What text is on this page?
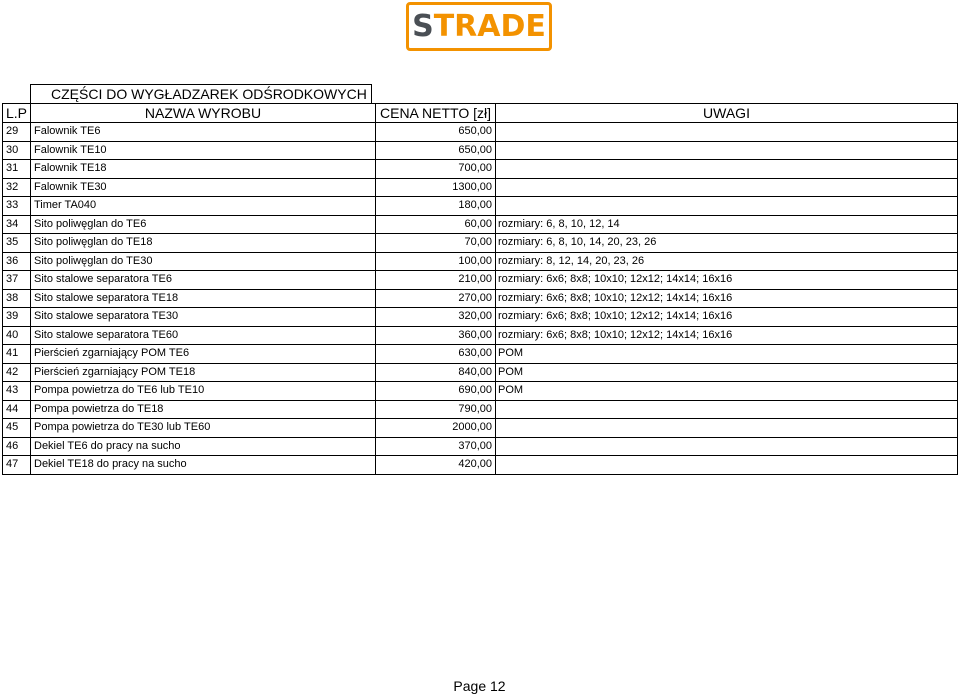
STRADE
CZĘŚCI DO WYGŁADZAREK ODŚRODKOWYCH
L.P	NAZWA WYROBU	CENA NETTO [zł]	UWAGI
29	Falownik TE6	650,00	
30	Falownik TE10	650,00	
31	Falownik TE18	700,00	
32	Falownik TE30	1300,00	
33	Timer TA040	180,00	
34	Sito poliwęglan do TE6	60,00	rozmiary: 6, 8, 10, 12, 14
35	Sito poliwęglan do TE18	70,00	rozmiary: 6, 8, 10, 14, 20, 23, 26
36	Sito poliwęglan do TE30	100,00	rozmiary: 8, 12, 14, 20, 23, 26
37	Sito stalowe separatora TE6	210,00	rozmiary: 6x6; 8x8; 10x10; 12x12; 14x14; 16x16
38	Sito stalowe separatora TE18	270,00	rozmiary: 6x6; 8x8; 10x10; 12x12; 14x14; 16x16
39	Sito stalowe separatora TE30	320,00	rozmiary: 6x6; 8x8; 10x10; 12x12; 14x14; 16x16
40	Sito stalowe separatora TE60	360,00	rozmiary: 6x6; 8x8; 10x10; 12x12; 14x14; 16x16
41	Pierścień zgarniający POM TE6	630,00	POM
42	Pierścień zgarniający POM TE18	840,00	POM
43	Pompa powietrza do TE6 lub TE10	690,00	POM
44	Pompa powietrza do TE18	790,00	
45	Pompa powietrza do TE30 lub TE60	2000,00	
46	Dekiel TE6 do pracy na sucho	370,00	
47	Dekiel TE18 do pracy na sucho	420,00	
Page 12
